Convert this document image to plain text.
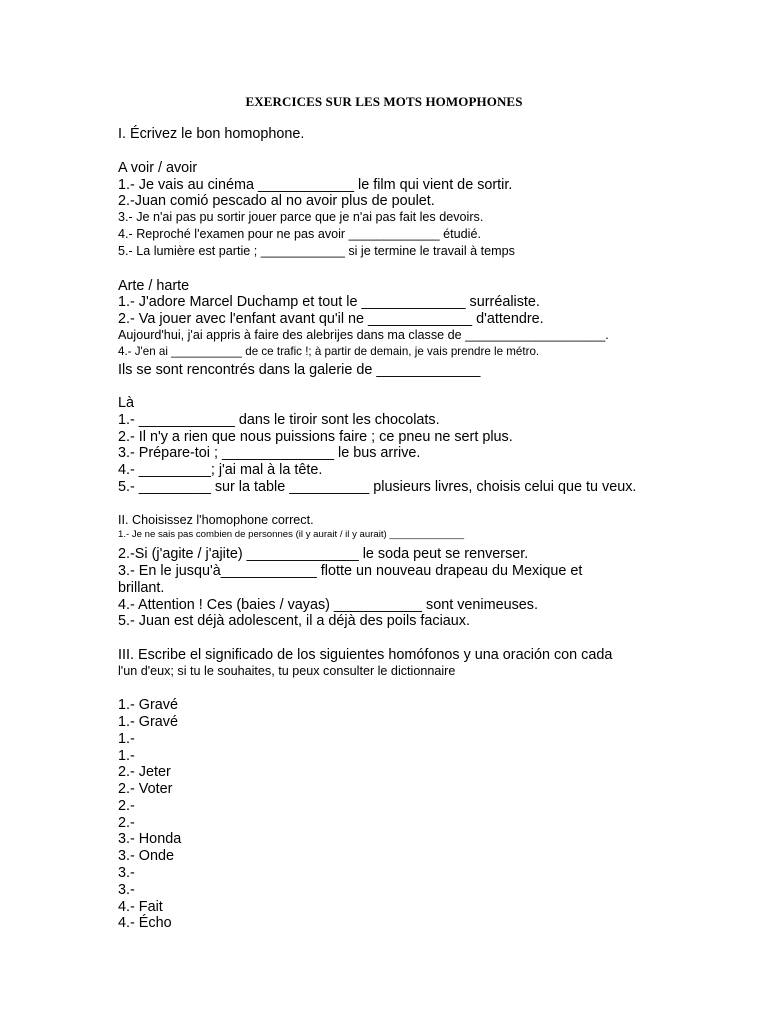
EXERCICES SUR LES MOTS HOMOPHONES
I. Écrivez le bon homophone.
A voir / avoir
1.- Je vais au cinéma ____________ le film qui vient de sortir.
2.-Juan comió pescado al no avoir plus de poulet.
3.- Je n'ai pas pu sortir jouer parce que je n'ai pas fait les devoirs.
4.- Reproché l'examen pour ne pas avoir _____________ étudié.
5.- La lumière est partie ; ____________ si je termine le travail à temps
Arte / harte
1.- J'adore Marcel Duchamp et tout le _____________ surréaliste.
2.- Va jouer avec l'enfant avant qu'il ne _____________ d'attendre.
Aujourd'hui, j'ai appris à faire des alebrijes dans ma classe de ____________________.
4.- J'en ai ___________ de ce trafic !; à partir de demain, je vais prendre le métro.
Ils se sont rencontrés dans la galerie de _____________
Là
1.- ____________ dans le tiroir sont les chocolats.
2.- Il n'y a rien que nous puissions faire ; ce pneu ne sert plus.
3.- Prépare-toi ; ______________ le bus arrive.
4.- _________; j'ai mal à la tête.
5.- _________ sur la table __________ plusieurs livres, choisis celui que tu veux.
II. Choisissez l'homophone correct.
1.- Je ne sais pas combien de personnes (il y aurait / il y aurait) ______________
2.-Si (j'agite / j'ajite) ______________ le soda peut se renverser.
3.- En le jusqu'à____________ flotte un nouveau drapeau du Mexique et
brillant.
4.- Attention ! Ces (baies / vayas) ___________ sont venimeuses.
5.- Juan est déjà adolescent, il a déjà des poils faciaux.
III. Escribe el significado de los siguientes homófonos y una oración con cada
l'un d'eux; si tu le souhaites, tu peux consulter le dictionnaire
1.- Gravé
1.- Gravé
1.-
1.-
2.- Jeter
2.- Voter
2.-
2.-
3.- Honda
3.- Onde
3.-
3.-
4.- Fait
4.- Écho
